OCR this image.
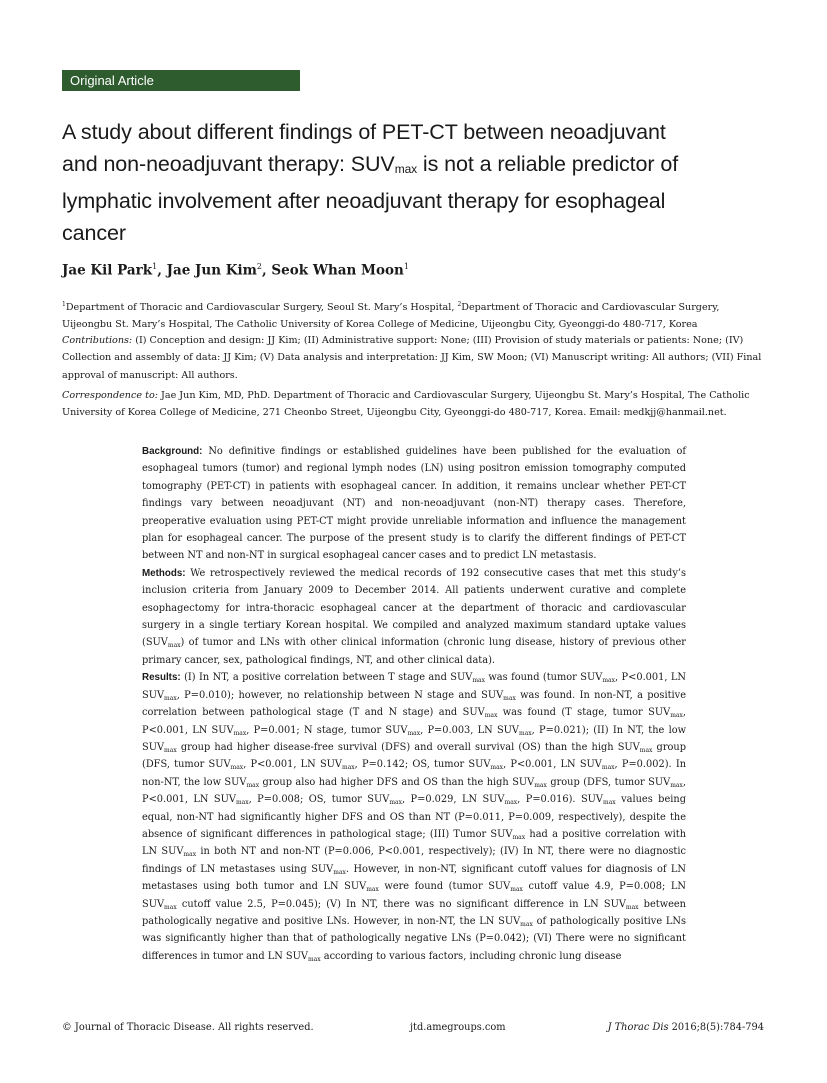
Original Article
A study about different findings of PET-CT between neoadjuvant
and non-neoadjuvant therapy: $SUV_{max}$ is not a reliable predictor of
lymphatic involvement after neoadjuvant therapy for esophageal
cancer
Jae Kil Park$^1$, Jae Jun Kim$^2$, Seok Whan Moon$^1$
$^1$Department of Thoracic and Cardiovascular Surgery, Seoul St. Mary’s Hospital, $^2$Department of Thoracic and Cardiovascular Surgery, Uijeongbu St. Mary’s Hospital, The Catholic University of Korea College of Medicine, Uijeongbu City, Gyeonggi-do 480-717, Korea
Contributions: (I) Conception and design: JJ Kim; (II) Administrative support: None; (III) Provision of study materials or patients: None; (IV) Collection and assembly of data: JJ Kim; (V) Data analysis and interpretation: JJ Kim, SW Moon; (VI) Manuscript writing: All authors; (VII) Final approval of manuscript: All authors.
Correspondence to: Jae Jun Kim, MD, PhD. Department of Thoracic and Cardiovascular Surgery, Uijeongbu St. Mary’s Hospital, The Catholic University of Korea College of Medicine, 271 Cheonbo Street, Uijeongbu City, Gyeonggi-do 480-717, Korea. Email: medkjj@hanmail.net.

Background: No definitive findings or established guidelines have been published for the evaluation of esophageal tumors (tumor) and regional lymph nodes (LN) using positron emission tomography computed tomography (PET-CT) in patients with esophageal cancer. In addition, it remains unclear whether PET-CT findings vary between neoadjuvant (NT) and non-neoadjuvant (non-NT) therapy cases. Therefore, preoperative evaluation using PET-CT might provide unreliable information and influence the management plan for esophageal cancer. The purpose of the present study is to clarify the different findings of PET-CT between NT and non-NT in surgical esophageal cancer cases and to predict LN metastasis.

Methods: We retrospectively reviewed the medical records of 192 consecutive cases that met this study’s inclusion criteria from January 2009 to December 2014. All patients underwent curative and complete esophagectomy for intra-thoracic esophageal cancer at the department of thoracic and cardiovascular surgery in a single tertiary Korean hospital. We compiled and analyzed maximum standard uptake values $(SUV_{max})$ of tumor and LNs with other clinical information (chronic lung disease, history of previous other primary cancer, sex, pathological findings, NT, and other clinical data).

Results: (I) In NT, a positive correlation between T stage and $SUV_{max}$ was found (tumor $SUV_{max}$, P<0.001, LN $SUV_{max}$, P=0.010); however, no relationship between N stage and $SUV_{max}$ was found. In non-NT, a positive correlation between pathological stage (T and N stage) and $SUV_{max}$ was found (T stage, tumor $SUV_{max}$, P<0.001, LN $SUV_{max}$, P=0.001; N stage, tumor $SUV_{max}$, P=0.003, LN $SUV_{max}$, P=0.021); (II) In NT, the low $SUV_{max}$ group had higher disease-free survival (DFS) and overall survival (OS) than the high $SUV_{max}$ group (DFS, tumor $SUV_{max}$, P<0.001, LN $SUV_{max}$, P=0.142; OS, tumor $SUV_{max}$, P<0.001, LN $SUV_{max}$, P=0.002). In non-NT, the low $SUV_{max}$ group also had higher DFS and OS than the high $SUV_{max}$ group (DFS, tumor $SUV_{max}$, P<0.001, LN $SUV_{max}$, P=0.008; OS, tumor $SUV_{max}$, P=0.029, LN $SUV_{max}$, P=0.016). $SUV_{max}$ values being equal, non-NT had significantly higher DFS and OS than NT (P=0.011, P=0.009, respectively), despite the absence of significant differences in pathological stage; (III) Tumor $SUV_{max}$ had a positive correlation with LN $SUV_{max}$ in both NT and non-NT (P=0.006, P<0.001, respectively); (IV) In NT, there were no diagnostic findings of LN metastases using $SUV_{max}$. However, in non-NT, significant cutoff values for diagnosis of LN metastases using both tumor and LN $SUV_{max}$ were found (tumor $SUV_{max}$ cutoff value 4.9, P=0.008; LN $SUV_{max}$ cutoff value 2.5, P=0.045); (V) In NT, there was no significant difference in LN $SUV_{max}$ between pathologically negative and positive LNs. However, in non-NT, the LN $SUV_{max}$ of pathologically positive LNs was significantly higher than that of pathologically negative LNs (P=0.042); (VI) There were no significant differences in tumor and LN $SUV_{max}$ according to various factors, including chronic lung disease

© Journal of Thoracic Disease. All rights reserved.	jtd.amegroups.com	J Thorac Dis 2016;8(5):784-794
